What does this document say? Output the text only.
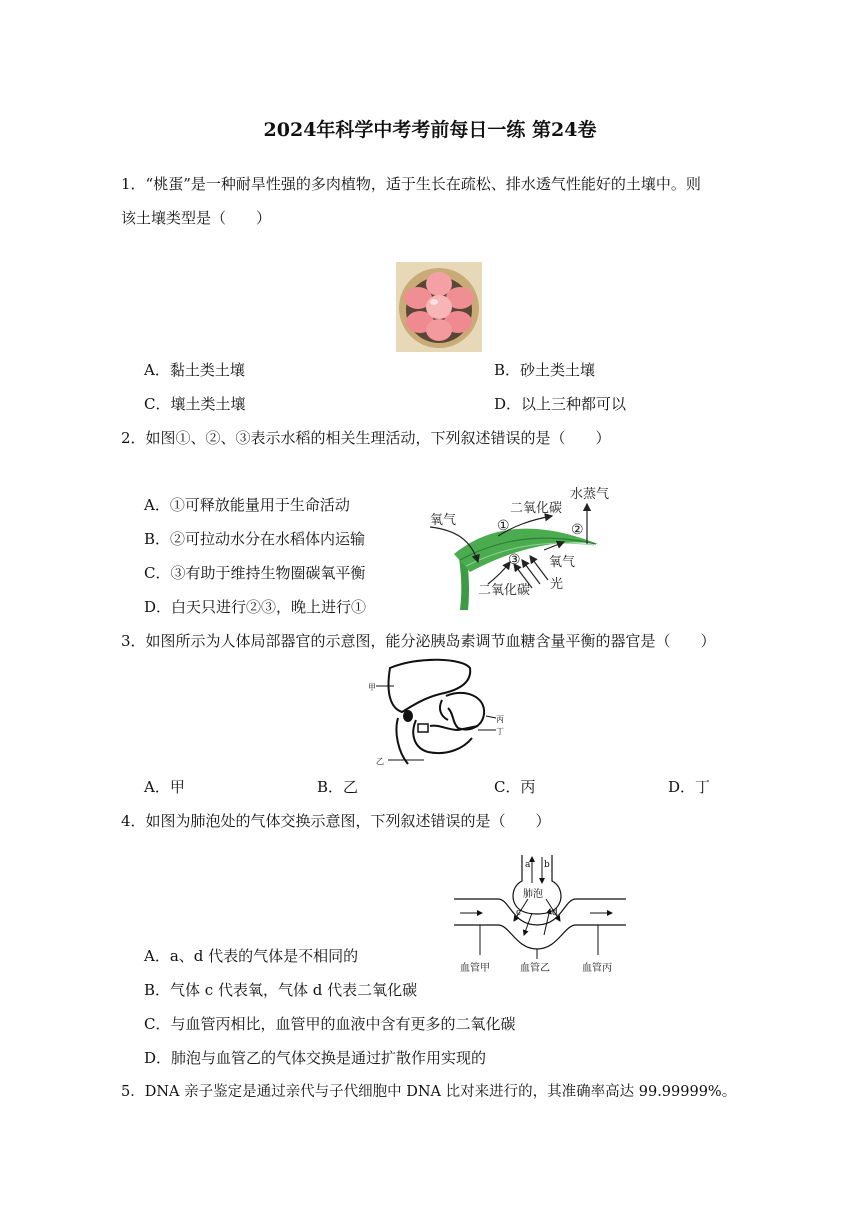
2024年科学中考考前每日一练 第24卷
1．“桃蛋”是一种耐旱性强的多肉植物，适于生长在疏松、排水透气性能好的土壤中。则
该土壤类型是（　　）
A．黏土类土壤	B．砂土类土壤
C．壤土类土壤	D．以上三种都可以
2．如图①、②、③表示水稻的相关生理活动，下列叙述错误的是（　　）
A．①可释放能量用于生命活动
B．②可拉动水分在水稻体内运输
C．③有助于维持生物圈碳氧平衡
D．白天只进行②③，晚上进行①
氧气
二氧化碳
水蒸气
①	②
③ 氧气
光
二氧化碳
3．如图所示为人体局部器官的示意图，能分泌胰岛素调节血糖含量平衡的器官是（　　）
甲
丙
丁
乙
A．甲	B．乙	C．丙	D．丁
4．如图为肺泡处的气体交换示意图，下列叙述错误的是（　　）
a b
肺泡
c	d
血管甲	血管乙	血管丙
A．a、d 代表的气体是不相同的
B．气体 c 代表氧，气体 d 代表二氧化碳
C．与血管丙相比，血管甲的血液中含有更多的二氧化碳
D．肺泡与血管乙的气体交换是通过扩散作用实现的
5．DNA 亲子鉴定是通过亲代与子代细胞中 DNA 比对来进行的，其准确率高达 99.99999%。
